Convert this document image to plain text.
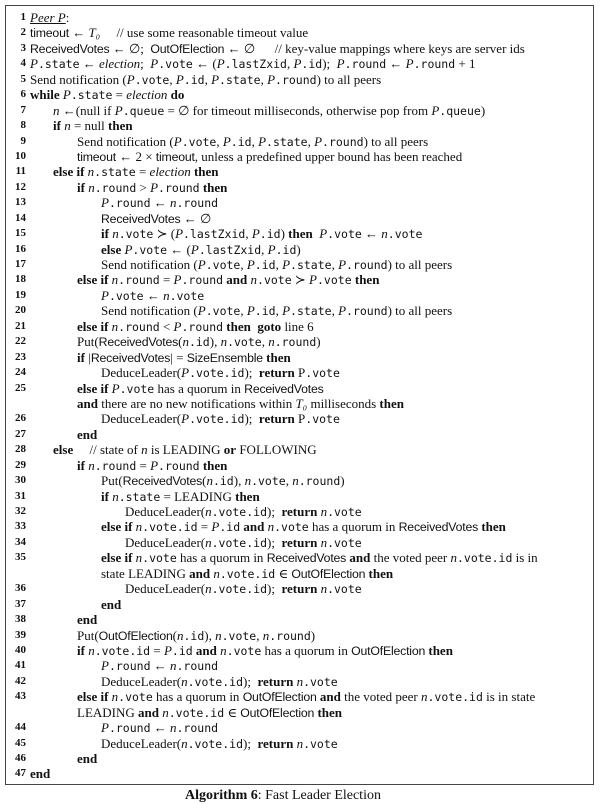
1 Peer P:
2 timeout ← T₀     // use some reasonable timeout value
3 ReceivedVotes ← ∅;  OutOfElection ← ∅      // key-value mappings where keys are server ids
4 P.state ← election;  P.vote ← (P.lastZxid, P.id);  P.round ← P.round + 1
5 Send notification (P.vote, P.id, P.state, P.round) to all peers
6 while P.state = election do
7 n ←(null if P.queue = ∅ for timeout milliseconds, otherwise pop from P.queue)
8 if n = null then
9	Send notification (P.vote, P.id, P.state, P.round) to all peers
10	timeout ← 2 × timeout, unless a predefined upper bound has been reached
11 else if n.state = election then
12	if n.round > P.round then
13	P.round ← n.round
14	ReceivedVotes ← ∅
15	if n.vote ≻ (P.lastZxid, P.id) then P.vote ← n.vote
16	else P.vote ← (P.lastZxid, P.id)
17	Send notification (P.vote, P.id, P.state, P.round) to all peers
18	else if n.round = P.round and n.vote ≻ P.vote then
19	P.vote ← n.vote
20	Send notification (P.vote, P.id, P.state, P.round) to all peers
21	else if n.round < P.round then  goto line 6
22	Put(ReceivedVotes(n.id), n.vote, n.round)
23	if |ReceivedVotes| = SizeEnsemble then
24	DeduceLeader(P.vote.id);  return P.vote
25	else if P.vote has a quorum in ReceivedVotes
and there are no new notifications within T₀ milliseconds then
26	DeduceLeader(P.vote.id);  return P.vote
27	end
28 else     // state of n is LEADING or FOLLOWING
29	if n.round = P.round then
30	Put(ReceivedVotes(n.id), n.vote, n.round)
31	if n.state = LEADING then
32	DeduceLeader(n.vote.id);  return n.vote
33	else if n.vote.id = P.id and n.vote has a quorum in ReceivedVotes then
34	DeduceLeader(n.vote.id);  return n.vote
35	else if n.vote has a quorum in ReceivedVotes and the voted peer n.vote.id is in
state LEADING and n.vote.id ∈ OutOfElection then
36	DeduceLeader(n.vote.id);  return n.vote
37	end
38	end
39	Put(OutOfElection(n.id), n.vote, n.round)
40	if n.vote.id = P.id and n.vote has a quorum in OutOfElection then
41	P.round ← n.round
42	DeduceLeader(n.vote.id);  return n.vote
43	else if n.vote has a quorum in OutOfElection and the voted peer n.vote.id is in state
LEADING and n.vote.id ∈ OutOfElection then
44	P.round ← n.round
45	DeduceLeader(n.vote.id);  return n.vote
46	end
47 end
Algorithm 6: Fast Leader Election
